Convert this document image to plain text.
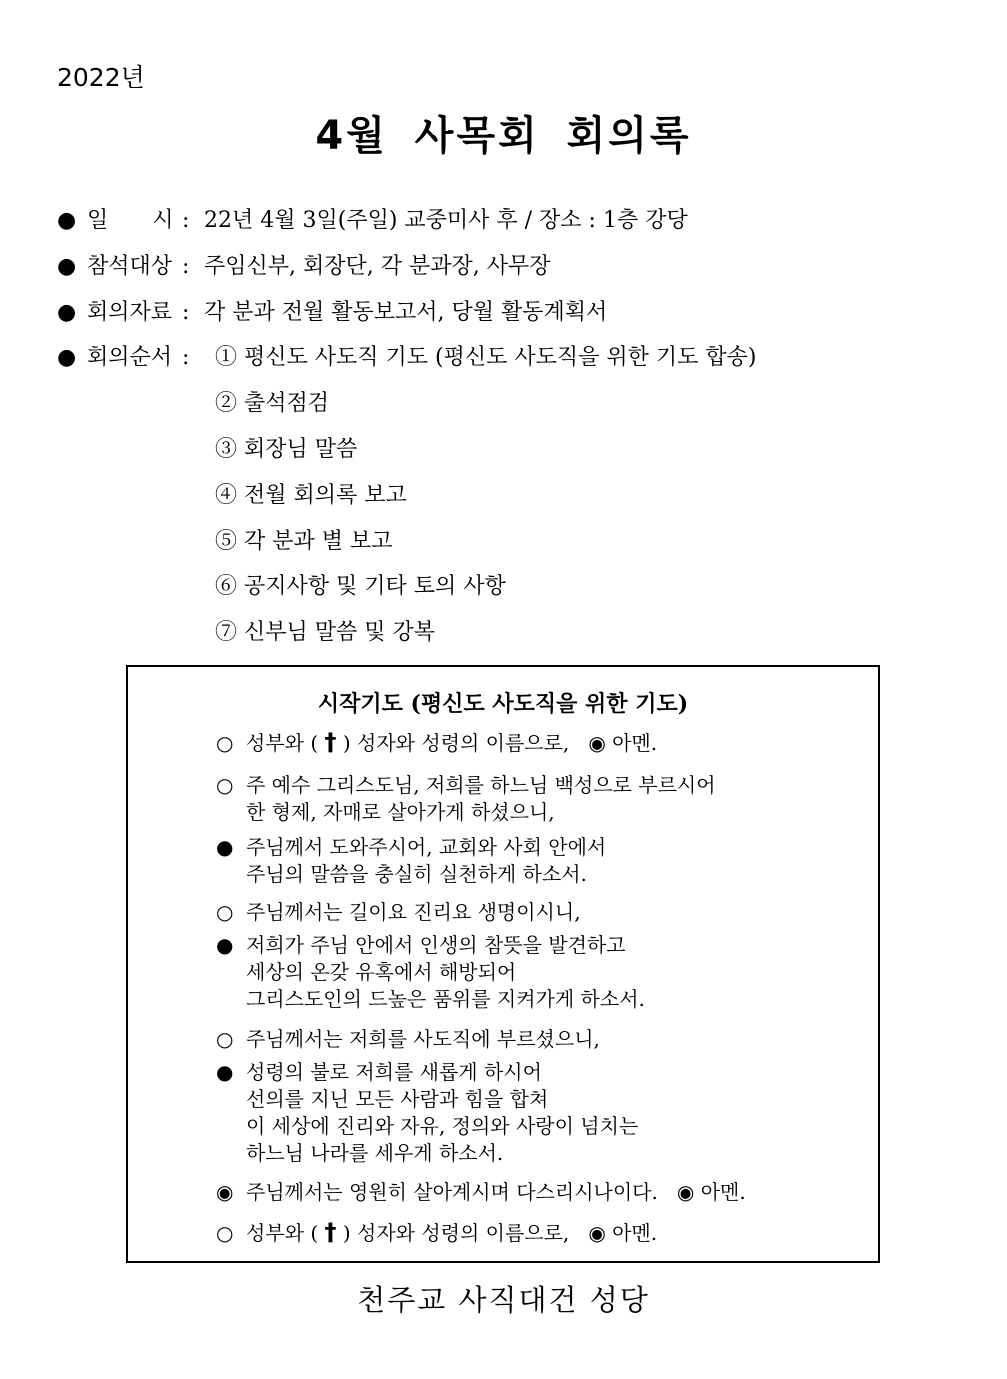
2022년
4월 사목회 회의록
● 일　　시 : 22년 4월 3일(주일) 교중미사 후 / 장소 : 1층 강당
● 참석대상 : 주임신부, 회장단, 각 분과장, 사무장
● 회의자료 : 각 분과 전월 활동보고서, 당월 활동계획서
● 회의순서 :	① 평신도 사도직 기도 (평신도 사도직을 위한 기도 합송)
② 출석점검
③ 회장님 말씀
④ 전월 회의록 보고
⑤ 각 분과 별 보고
⑥ 공지사항 및 기타 토의 사항
⑦ 신부님 말씀 및 강복
시작기도 (평신도 사도직을 위한 기도)
○ 성부와 ( † ) 성자와 성령의 이름으로, ◉ 아멘.
○ 주 예수 그리스도님, 저희를 하느님 백성으로 부르시어
한 형제, 자매로 살아가게 하셨으니,
● 주님께서 도와주시어, 교회와 사회 안에서
주님의 말씀을 충실히 실천하게 하소서.
○ 주님께서는 길이요 진리요 생명이시니,
● 저희가 주님 안에서 인생의 참뜻을 발견하고
세상의 온갖 유혹에서 해방되어
그리스도인의 드높은 품위를 지켜가게 하소서.
○ 주님께서는 저희를 사도직에 부르셨으니,
● 성령의 불로 저희를 새롭게 하시어
선의를 지닌 모든 사람과 힘을 합쳐
이 세상에 진리와 자유, 정의와 사랑이 넘치는
하느님 나라를 세우게 하소서.
◉ 주님께서는 영원히 살아계시며 다스리시나이다. ◉ 아멘.
○ 성부와 ( † ) 성자와 성령의 이름으로, ◉ 아멘.
천주교 사직대건 성당
